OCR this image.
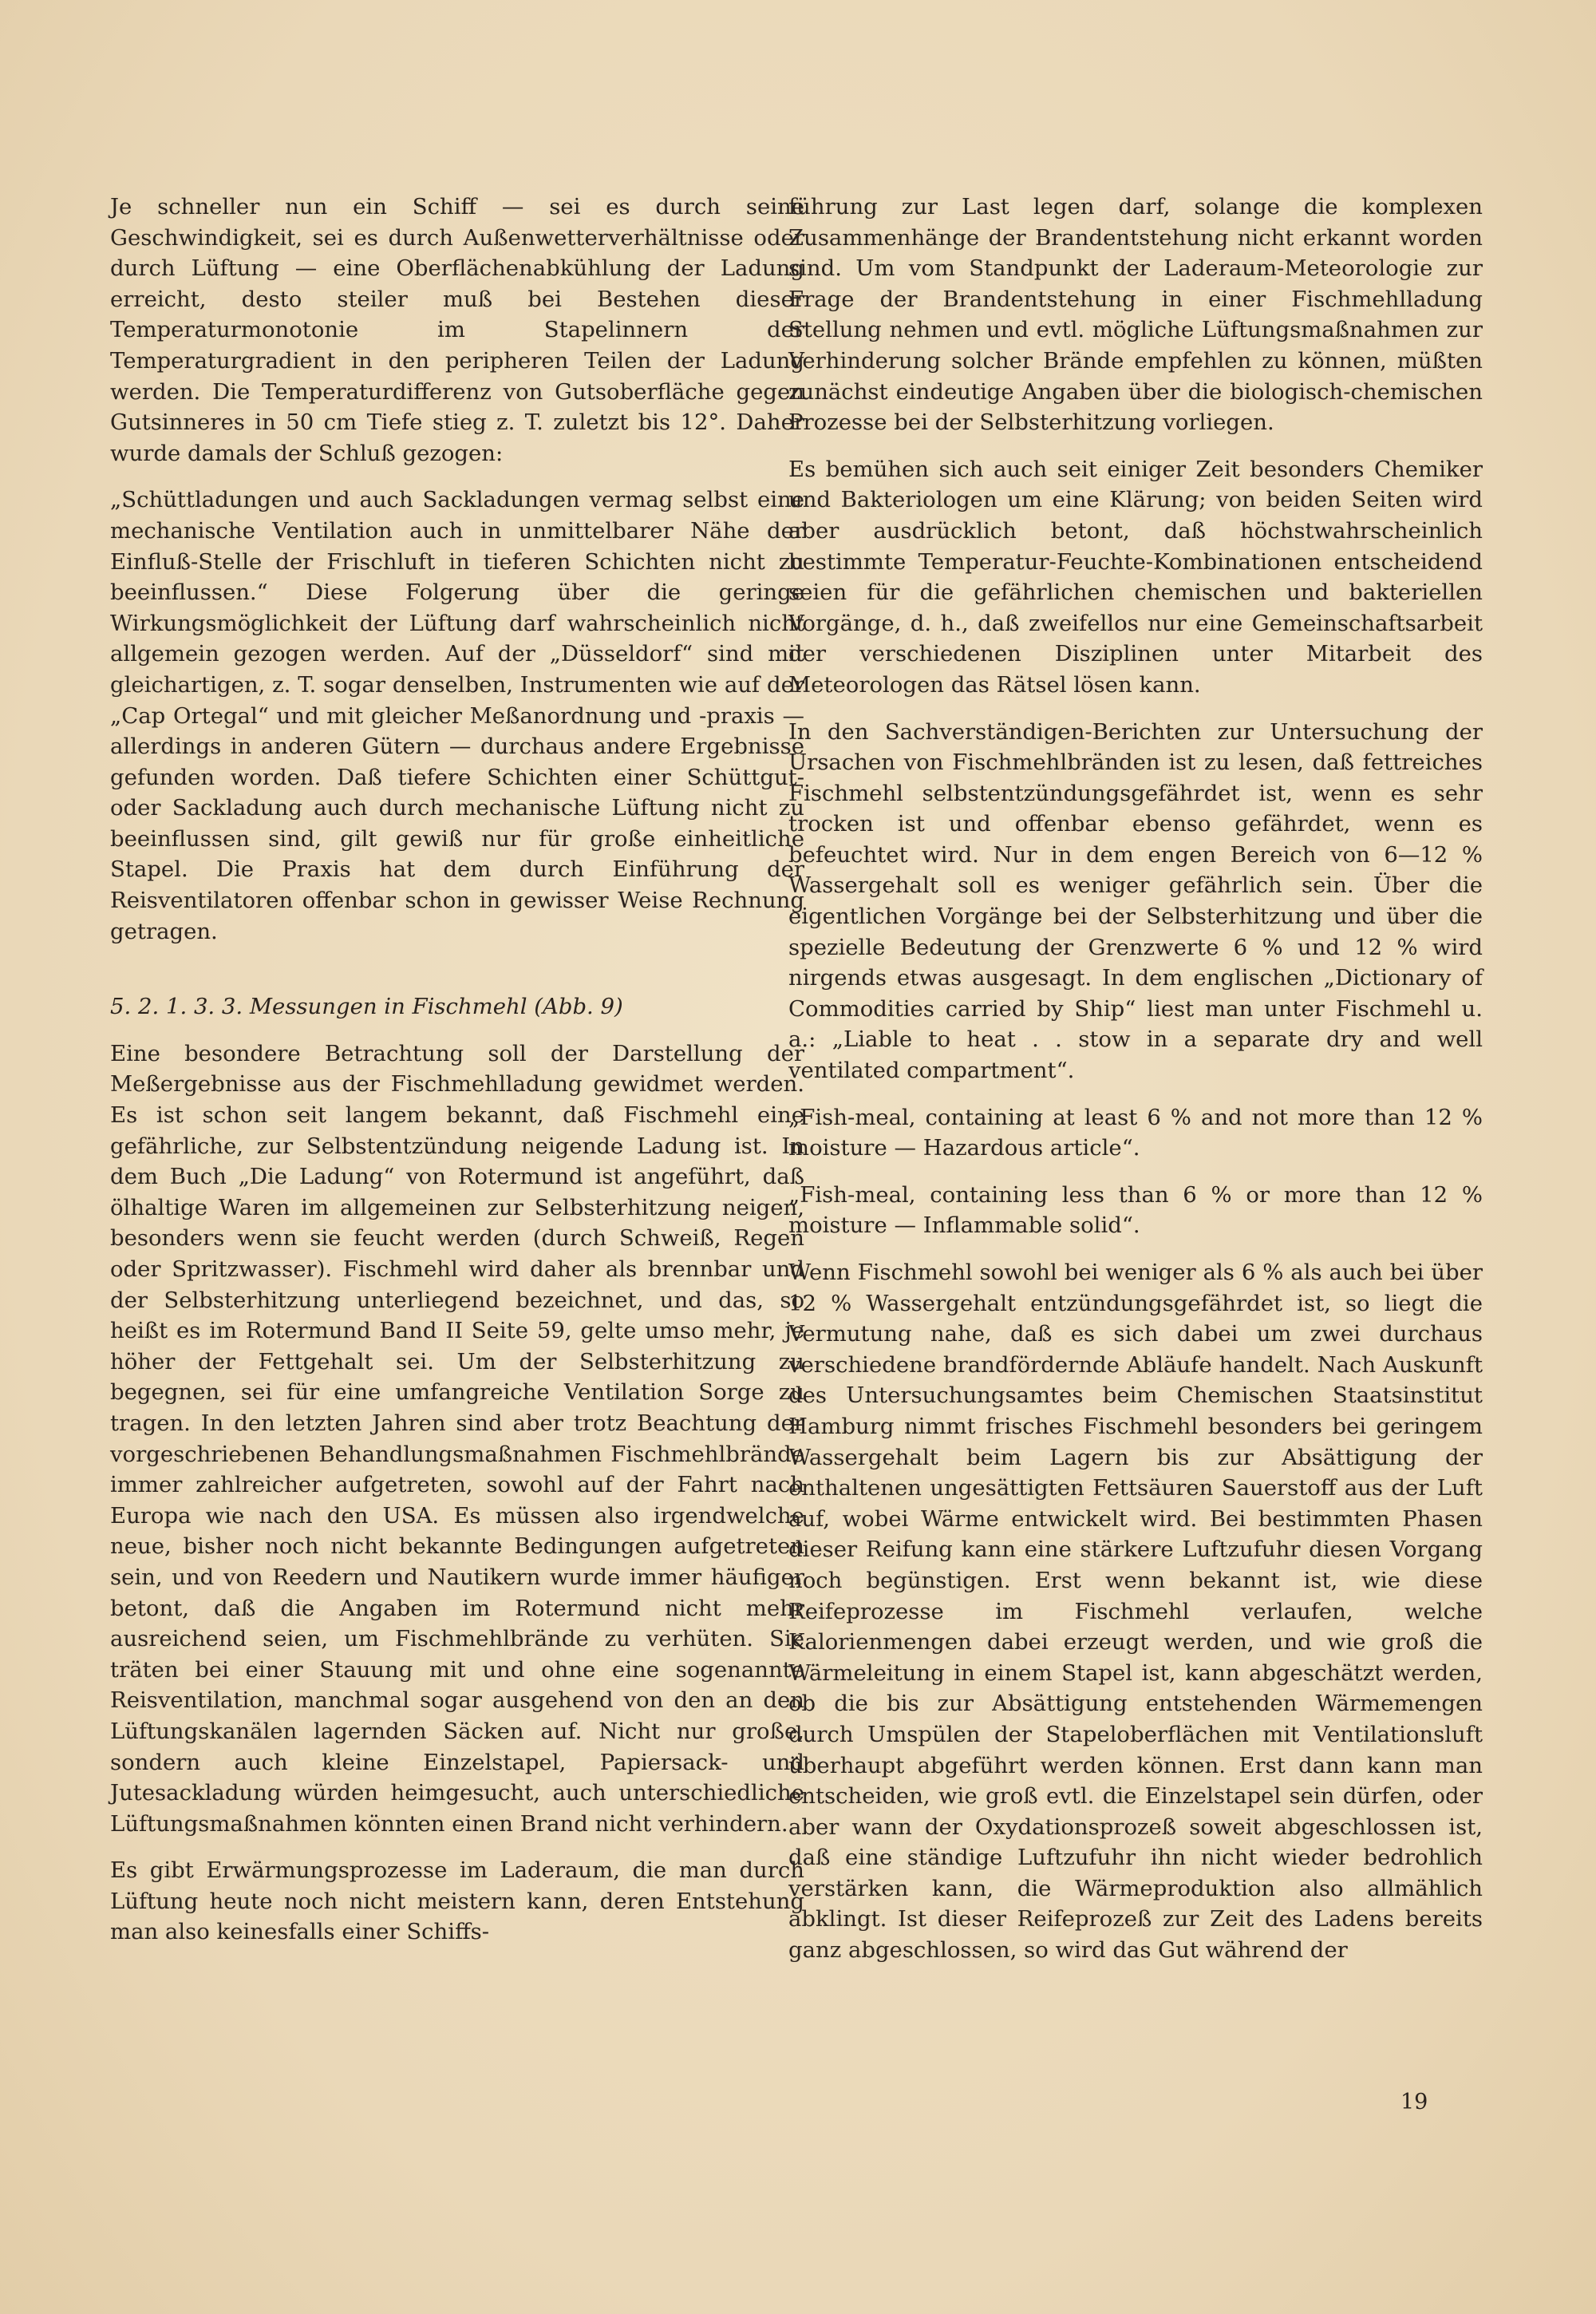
Je schneller nun ein Schiff — sei es durch seine Geschwindigkeit, sei es durch Außenwetterverhältnisse oder durch Lüftung — eine Oberflächenabkühlung der Ladung erreicht, desto steiler muß bei Bestehen dieser Temperaturmonotonie im Stapelinnern der Temperaturgradient in den peripheren Teilen der Ladung werden. Die Temperaturdifferenz von Gutsoberfläche gegen Gutsinneres in 50 cm Tiefe stieg z. T. zuletzt bis 12°. Daher wurde damals der Schluß gezogen:

„Schüttladungen und auch Sackladungen vermag selbst eine mechanische Ventilation auch in unmittelbarer Nähe der Einfluß-Stelle der Frischluft in tieferen Schichten nicht zu beeinflussen.“ Diese Folgerung über die geringe Wirkungsmöglichkeit der Lüftung darf wahrscheinlich nicht allgemein gezogen werden. Auf der „Düsseldorf“ sind mit gleichartigen, z. T. sogar denselben, Instrumenten wie auf der „Cap Ortegal“ und mit gleicher Meßanordnung und -praxis — allerdings in anderen Gütern — durchaus andere Ergebnisse gefunden worden. Daß tiefere Schichten einer Schüttgut- oder Sackladung auch durch mechanische Lüftung nicht zu beeinflussen sind, gilt gewiß nur für große einheitliche Stapel. Die Praxis hat dem durch Einführung der Reisventilatoren offenbar schon in gewisser Weise Rechnung getragen.

5. 2. 1. 3. 3. Messungen in Fischmehl (Abb. 9)

Eine besondere Betrachtung soll der Darstellung der Meßergebnisse aus der Fischmehlladung gewidmet werden. Es ist schon seit langem bekannt, daß Fischmehl eine gefährliche, zur Selbstentzündung neigende Ladung ist. In dem Buch „Die Ladung“ von Rotermund ist angeführt, daß ölhaltige Waren im allgemeinen zur Selbsterhitzung neigen, besonders wenn sie feucht werden (durch Schweiß, Regen oder Spritzwasser). Fischmehl wird daher als brennbar und der Selbsterhitzung unterliegend bezeichnet, und das, so heißt es im Rotermund Band II Seite 59, gelte umso mehr, je höher der Fettgehalt sei. Um der Selbsterhitzung zu begegnen, sei für eine umfangreiche Ventilation Sorge zu tragen. In den letzten Jahren sind aber trotz Beachtung der vorgeschriebenen Behandlungsmaßnahmen Fischmehlbrände immer zahlreicher aufgetreten, sowohl auf der Fahrt nach Europa wie nach den USA. Es müssen also irgendwelche neue, bisher noch nicht bekannte Bedingungen aufgetreten sein, und von Reedern und Nautikern wurde immer häufiger betont, daß die Angaben im Rotermund nicht mehr ausreichend seien, um Fischmehlbrände zu verhüten. Sie träten bei einer Stauung mit und ohne eine sogenannte Reisventilation, manchmal sogar ausgehend von den an den Lüftungskanälen lagernden Säcken auf. Nicht nur große, sondern auch kleine Einzelstapel, Papiersack- und Jutesackladung würden heimgesucht, auch unterschiedliche Lüftungsmaßnahmen könnten einen Brand nicht verhindern.

Es gibt Erwärmungsprozesse im Laderaum, die man durch Lüftung heute noch nicht meistern kann, deren Entstehung man also keinesfalls einer Schiffs-

führung zur Last legen darf, solange die komplexen Zusammenhänge der Brandentstehung nicht erkannt worden sind. Um vom Standpunkt der Laderaum-Meteorologie zur Frage der Brandentstehung in einer Fischmehlladung Stellung nehmen und evtl. mögliche Lüftungsmaßnahmen zur Verhinderung solcher Brände empfehlen zu können, müßten zunächst eindeutige Angaben über die biologisch-chemischen Prozesse bei der Selbsterhitzung vorliegen.

Es bemühen sich auch seit einiger Zeit besonders Chemiker und Bakteriologen um eine Klärung; von beiden Seiten wird aber ausdrücklich betont, daß höchstwahrscheinlich bestimmte Temperatur-Feuchte-Kombinationen entscheidend seien für die gefährlichen chemischen und bakteriellen Vorgänge, d. h., daß zweifellos nur eine Gemeinschaftsarbeit der verschiedenen Disziplinen unter Mitarbeit des Meteorologen das Rätsel lösen kann.

In den Sachverständigen-Berichten zur Untersuchung der Ursachen von Fischmehlbränden ist zu lesen, daß fettreiches Fischmehl selbstentzündungsgefährdet ist, wenn es sehr trocken ist und offenbar ebenso gefährdet, wenn es befeuchtet wird. Nur in dem engen Bereich von 6—12 % Wassergehalt soll es weniger gefährlich sein. Über die eigentlichen Vorgänge bei der Selbsterhitzung und über die spezielle Bedeutung der Grenzwerte 6 % und 12 % wird nirgends etwas ausgesagt. In dem englischen „Dictionary of Commodities carried by Ship“ liest man unter Fischmehl u. a.: „Liable to heat . . stow in a separate dry and well ventilated compartment“.

„Fish-meal, containing at least 6 % and not more than 12 % moisture — Hazardous article“.

„Fish-meal, containing less than 6 % or more than 12 % moisture — Inflammable solid“.

Wenn Fischmehl sowohl bei weniger als 6 % als auch bei über 12 % Wassergehalt entzündungsgefährdet ist, so liegt die Vermutung nahe, daß es sich dabei um zwei durchaus verschiedene brandfördernde Abläufe handelt. Nach Auskunft des Untersuchungsamtes beim Chemischen Staatsinstitut Hamburg nimmt frisches Fischmehl besonders bei geringem Wassergehalt beim Lagern bis zur Absättigung der enthaltenen ungesättigten Fettsäuren Sauerstoff aus der Luft auf, wobei Wärme entwickelt wird. Bei bestimmten Phasen dieser Reifung kann eine stärkere Luftzufuhr diesen Vorgang noch begünstigen. Erst wenn bekannt ist, wie diese Reifeprozesse im Fischmehl verlaufen, welche Kalorienmengen dabei erzeugt werden, und wie groß die Wärmeleitung in einem Stapel ist, kann abgeschätzt werden, ob die bis zur Absättigung entstehenden Wärmemengen durch Umspülen der Stapeloberflächen mit Ventilationsluft überhaupt abgeführt werden können. Erst dann kann man entscheiden, wie groß evtl. die Einzelstapel sein dürfen, oder aber wann der Oxydationsprozeß soweit abgeschlossen ist, daß eine ständige Luftzufuhr ihn nicht wieder bedrohlich verstärken kann, die Wärmeproduktion also allmählich abklingt. Ist dieser Reifeprozeß zur Zeit des Ladens bereits ganz abgeschlossen, so wird das Gut während der

19
